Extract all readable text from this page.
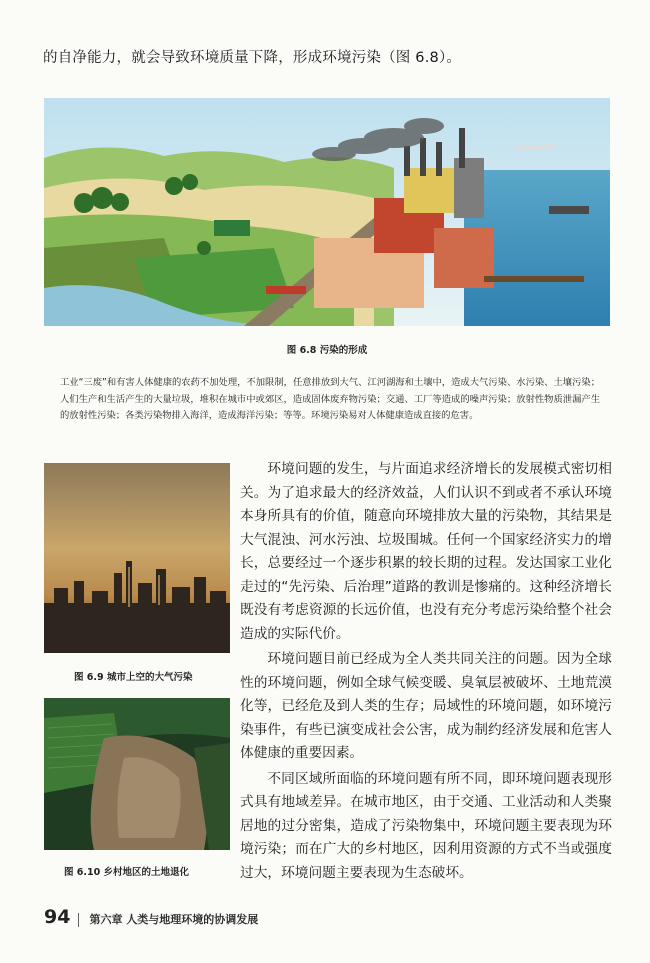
的自净能力，就会导致环境质量下降，形成环境污染（图 6.8）。
图 6.8 污染的形成
工业“三废”和有害人体健康的农药不加处理，不加限制，任意排放到大气、江河湖海和土壤中，造成大气污染、水污染、土壤污染；人们生产和生活产生的大量垃圾，堆积在城市中或郊区，造成固体废弃物污染；交通、工厂等造成的噪声污染；放射性物质泄漏产生的放射性污染；各类污染物排入海洋，造成海洋污染；等等。环境污染易对人体健康造成直接的危害。
图 6.9 城市上空的大气污染
图 6.10 乡村地区的土地退化

环境问题的发生，与片面追求经济增长的发展模式密切相关。为了追求最大的经济效益，人们认识不到或者不承认环境本身所具有的价值，随意向环境排放大量的污染物，其结果是大气混浊、河水污浊、垃圾围城。任何一个国家经济实力的增长，总要经过一个逐步积累的较长期的过程。发达国家工业化走过的“先污染、后治理”道路的教训是惨痛的。这种经济增长既没有考虑资源的长远价值，也没有充分考虑污染给整个社会造成的实际代价。

环境问题目前已经成为全人类共同关注的问题。因为全球性的环境问题，例如全球气候变暖、臭氧层被破坏、土地荒漠化等，已经危及到人类的生存；局域性的环境问题，如环境污染事件，有些已演变成社会公害，成为制约经济发展和危害人体健康的重要因素。

不同区域所面临的环境问题有所不同，即环境问题表现形式具有地域差异。在城市地区，由于交通、工业活动和人类聚居地的过分密集，造成了污染物集中，环境问题主要表现为环境污染；而在广大的乡村地区，因利用资源的方式不当或强度过大，环境问题主要表现为生态破坏。

94 第六章 人类与地理环境的协调发展
